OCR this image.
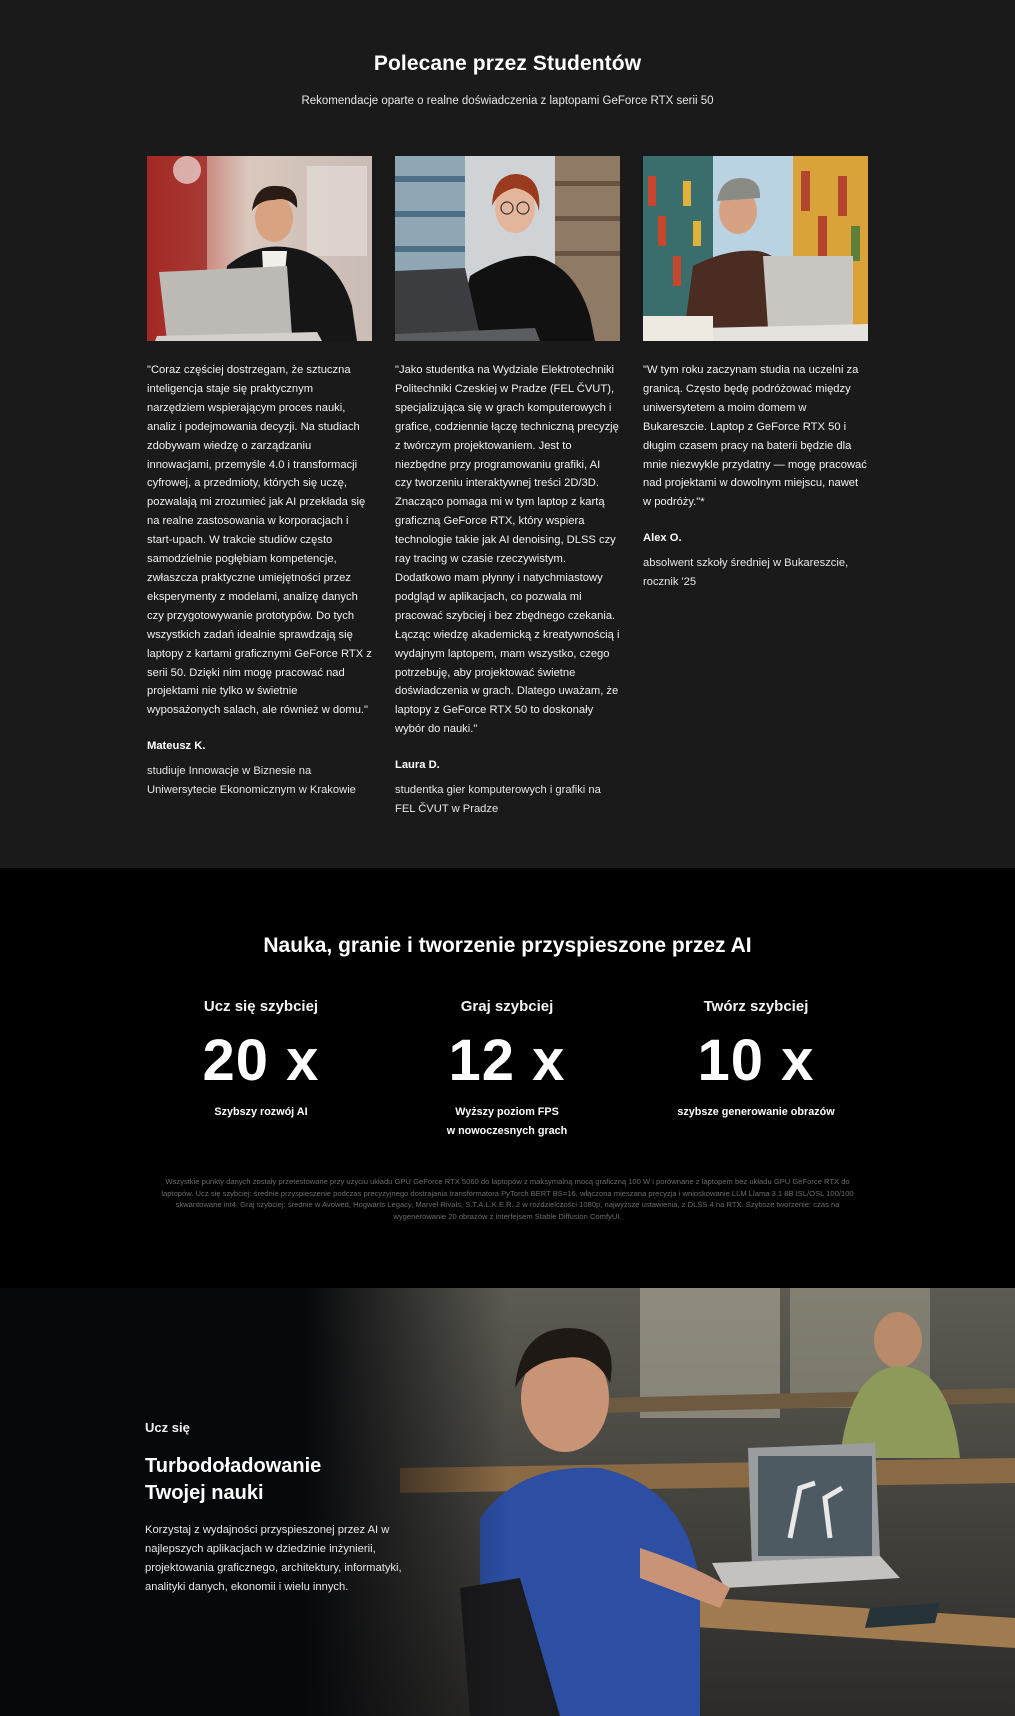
Polecane przez Studentów

Rekomendacje oparte o realne doświadczenia z laptopami GeForce RTX serii 50

"Coraz częściej dostrzegam, że sztuczna inteligencja staje się praktycznym narzędziem wspierającym proces nauki, analiz i podejmowania decyzji. Na studiach zdobywam wiedzę o zarządzaniu innowacjami, przemyśle 4.0 i transformacji cyfrowej, a przedmioty, których się uczę, pozwalają mi zrozumieć jak AI przekłada się na realne zastosowania w korporacjach i start-upach. W trakcie studiów często samodzielnie pogłębiam kompetencje, zwłaszcza praktyczne umiejętności przez eksperymenty z modelami, analizę danych czy przygotowywanie prototypów. Do tych wszystkich zadań idealnie sprawdzają się laptopy z kartami graficznymi GeForce RTX z serii 50. Dzięki nim mogę pracować nad projektami nie tylko w świetnie wyposażonych salach, ale również w domu."

Mateusz K.

studiuje Innowacje w Biznesie na Uniwersytecie Ekonomicznym w Krakowie

"Jako studentka na Wydziale Elektrotechniki Politechniki Czeskiej w Pradze (FEL ČVUT), specjalizująca się w grach komputerowych i grafice, codziennie łączę techniczną precyzję z twórczym projektowaniem. Jest to niezbędne przy programowaniu grafiki, AI czy tworzeniu interaktywnej treści 2D/3D. Znacząco pomaga mi w tym laptop z kartą graficzną GeForce RTX, który wspiera technologie takie jak AI denoising, DLSS czy ray tracing w czasie rzeczywistym. Dodatkowo mam płynny i natychmiastowy podgląd w aplikacjach, co pozwala mi pracować szybciej i bez zbędnego czekania. Łącząc wiedzę akademicką z kreatywnością i wydajnym laptopem, mam wszystko, czego potrzebuję, aby projektować świetne doświadczenia w grach. Dlatego uważam, że laptopy z GeForce RTX 50 to doskonały wybór do nauki."

Laura D.

studentka gier komputerowych i grafiki na FEL ČVUT w Pradze

"W tym roku zaczynam studia na uczelni za granicą. Często będę podróżować między uniwersytetem a moim domem w Bukareszcie. Laptop z GeForce RTX 50 i długim czasem pracy na baterii będzie dla mnie niezwykle przydatny — mogę pracować nad projektami w dowolnym miejscu, nawet w podróży."*

Alex O.

absolwent szkoły średniej w Bukareszcie, rocznik '25

Nauka, granie i tworzenie przyspieszone przez AI
Ucz się szybciej
20 x
Szybszy rozwój AI
Graj szybciej
12 x
Wyższy poziom FPS
w nowoczesnych grach
Twórz szybciej
10 x
szybsze generowanie obrazów

Wszystkie punkty danych zostały przetestowane przy użyciu układu GPU GeForce RTX 5060 do laptopów z maksymalną mocą graficzną 100 W i porównane z laptopem bez układu GPU GeForce RTX do laptopów. Ucz się szybciej: średnie przyspieszenie podczas precyzyjnego dostrajania transformatora PyTorch BERT BS=16, włączona mieszana precyzja i wnioskowanie LLM Llama 3.1 8B ISL/OSL 100/100 skwantowane int4. Graj szybciej: średnie w Avowed, Hogwarts Legacy, Marvel Rivals, S.T.A.L.K.E.R. 2 w rozdzielczości 1080p, najwyższe ustawienia, z DLSS 4 na RTX. Szybsze tworzenie: czas na wygenerowanie 20 obrazów z interfejsem Stable Diffusion ComfyUI.

Ucz się
Turbodoładowanie
Twojej nauki

Korzystaj z wydajności przyspieszonej przez AI w najlepszych aplikacjach w dziedzinie inżynierii, projektowania graficznego, architektury, informatyki, analityki danych, ekonomii i wielu innych.
